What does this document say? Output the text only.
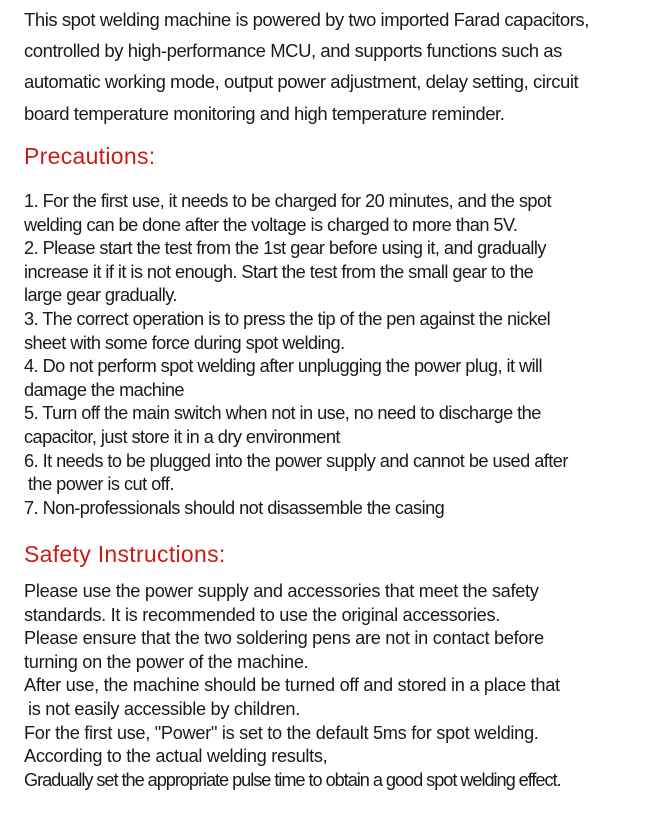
This spot welding machine is powered by two imported Farad capacitors,
controlled by high-performance MCU, and supports functions such as
automatic working mode, output power adjustment, delay setting, circuit
board temperature monitoring and high temperature reminder.
Precautions:
1. For the first use, it needs to be charged for 20 minutes, and the spot
welding can be done after the voltage is charged to more than 5V.
2. Please start the test from the 1st gear before using it, and gradually
increase it if it is not enough. Start the test from the small gear to the
large gear gradually.
3. The correct operation is to press the tip of the pen against the nickel
sheet with some force during spot welding.
4. Do not perform spot welding after unplugging the power plug, it will
damage the machine
5. Turn off the main switch when not in use, no need to discharge the
capacitor, just store it in a dry environment
6. It needs to be plugged into the power supply and cannot be used after
the power is cut off.
7. Non-professionals should not disassemble the casing
Safety Instructions:
Please use the power supply and accessories that meet the safety
standards. It is recommended to use the original accessories.
Please ensure that the two soldering pens are not in contact before
turning on the power of the machine.
After use, the machine should be turned off and stored in a place that
is not easily accessible by children.
For the first use, "Power" is set to the default 5ms for spot welding.
According to the actual welding results,
Gradually set the appropriate pulse time to obtain a good spot welding effect.
